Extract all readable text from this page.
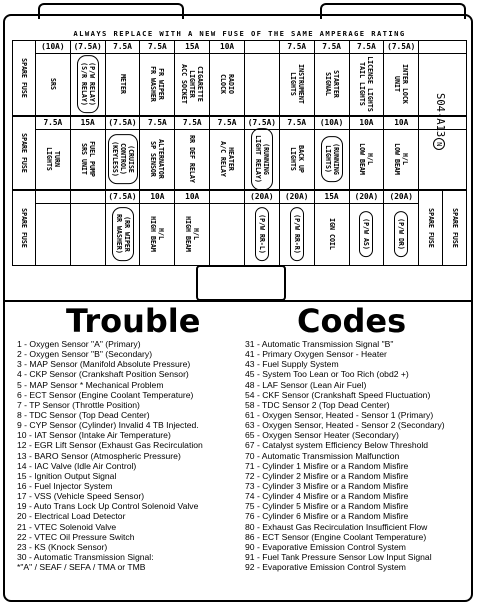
ALWAYS REPLACE WITH A NEW FUSE OF THE SAME AMPERAGE RATING
SPARE FUSE
(10A)
SRS
(7.5A)
(P/W RELAY)
(S/R RELAY)
7.5A
METER
7.5A
FR WIPER
FR WASHER
15A
CIGARETTE
LIGHTER
ACC SOCKET
10A
RADIO
CLOCK
7.5A
INSTRUMENT
LIGHTS
7.5A
STARTER
SIGNAL
7.5A
LICENSE LIGHTS
TAIL LIGHTS
(7.5A)
INTER LOCK
UNIT
SPARE FUSE
7.5A
TURN
LIGHTS
15A
FUEL PUMP
SRS UNIT
(7.5A)
(CRUISE
CONTROL)
(KEYLESS)
7.5A
ALTERNATOR
SP SENSOR
7.5A
RR DEF RELAY
7.5A
HEATER
A/C RELAY
(7.5A)
(RUNNING
LIGHT RELAY)
7.5A
BACK UP
LIGHTS
(10A)
(RUNNING
LIGHTS)
10A
H/L
LOW BEAM
10A
H/L
LOW BEAM
SPARE FUSE
(7.5A)
(RR WIPER
RR WASHER)
10A
H/L
HIGH BEAM
10A
H/L
HIGH BEAM
(20A)
(P/W RR-L)
(20A)
(P/W RR-R)
15A
IGN COIL
(20A)
(P/W AS)
(20A)
(P/W DR)	SPARE FUSE SPARE FUSE
S04-A13N
Trouble	Codes
1 - Oxygen Sensor "A" (Primary)
2 - Oxygen Sensor "B" (Secondary)
3 - MAP Sensor (Manifold Absolute Pressure)
4 - CKP Sensor (Crankshaft Position Sensor)
5 - MAP Sensor * Mechanical Problem
6 - ECT Sensor (Engine Coolant Temperature)
7 - TP Sensor (Throttle Position)
8 - TDC Sensor (Top Dead Center)
9 - CYP Sensor (Cylinder) Invalid 4 TB Injected.
10 - IAT Sensor (Intake Air Temperature)
12 - EGR Lift Sensor (Exhaust Gas Recirculation
13 - BARO Sensor (Atmospheric Pressure)
14 - IAC Valve (Idle Air Control)
15 - Ignition Output Signal
16 - Fuel Injector System
17 - VSS (Vehicle Speed Sensor)
19 - Auto Trans Lock Up Control Solenoid Valve
20 - Electrical Load Detector
21 - VTEC Solenoid Valve
22 - VTEC Oil Pressure Switch
23 - KS (Knock Sensor)
30 - Automatic Transmission Signal:
*"A" / SEAF / SEFA / TMA or TMB
31 - Automatic Transmission Signal "B"
41 - Primary Oxygen Sensor - Heater
43 - Fuel Supply System
45 - System Too Lean or Too Rich (obd2 +)
48 - LAF Sensor (Lean Air Fuel)
54 - CKF Sensor (Crankshaft Speed Fluctuation)
58 - TDC Sensor 2 (Top Dead Center)
61 - Oxygen Sensor, Heated - Sensor 1 (Primary)
63 - Oxygen Sensor, Heated - Sensor 2 (Secondary)
65 - Oxygen Sensor Heater (Secondary)
67 - Catalyst system Efficiency Below Threshold
70 - Automatic Transmission Malfunction
71 - Cylinder 1 Misfire or a Random Misfire
72 - Cylinder 2 Misfire or a Random Misfire
73 - Cylinder 3 Misfire or a Random Misfire
74 - Cylinder 4 Misfire or a Random Misfire
75 - Cylinder 5 Misfire or a Random Misfire
76 - Cylinder 6 Misfire or a Random Misfire
80 - Exhaust Gas Recirculation Insufficient Flow
86 - ECT Sensor (Engine Coolant Temperature)
90 - Evaporative Emission Control System
91 - Fuel Tank Pressure Sensor Low Input Signal
92 - Evaporative Emission Control System
